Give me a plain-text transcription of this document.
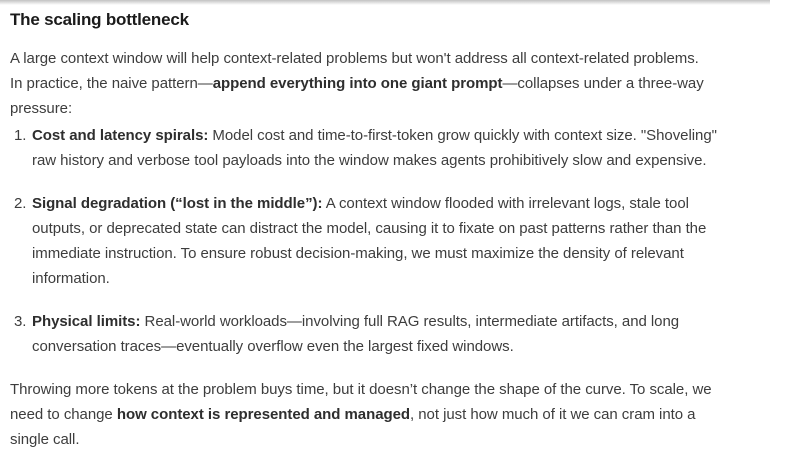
The scaling bottleneck

A large context window will help context-related problems but won't address all context-related problems.
In practice, the naive pattern—append everything into one giant prompt—collapses under a three-way
pressure:

1. Cost and latency spirals: Model cost and time-to-first-token grow quickly with context size. "Shoveling"
raw history and verbose tool payloads into the window makes agents prohibitively slow and expensive.
2. Signal degradation (“lost in the middle”): A context window flooded with irrelevant logs, stale tool
outputs, or deprecated state can distract the model, causing it to fixate on past patterns rather than the
immediate instruction. To ensure robust decision-making, we must maximize the density of relevant
information.
3. Physical limits: Real-world workloads—involving full RAG results, intermediate artifacts, and long
conversation traces—eventually overflow even the largest fixed windows.

Throwing more tokens at the problem buys time, but it doesn’t change the shape of the curve. To scale, we
need to change how context is represented and managed, not just how much of it we can cram into a
single call.
